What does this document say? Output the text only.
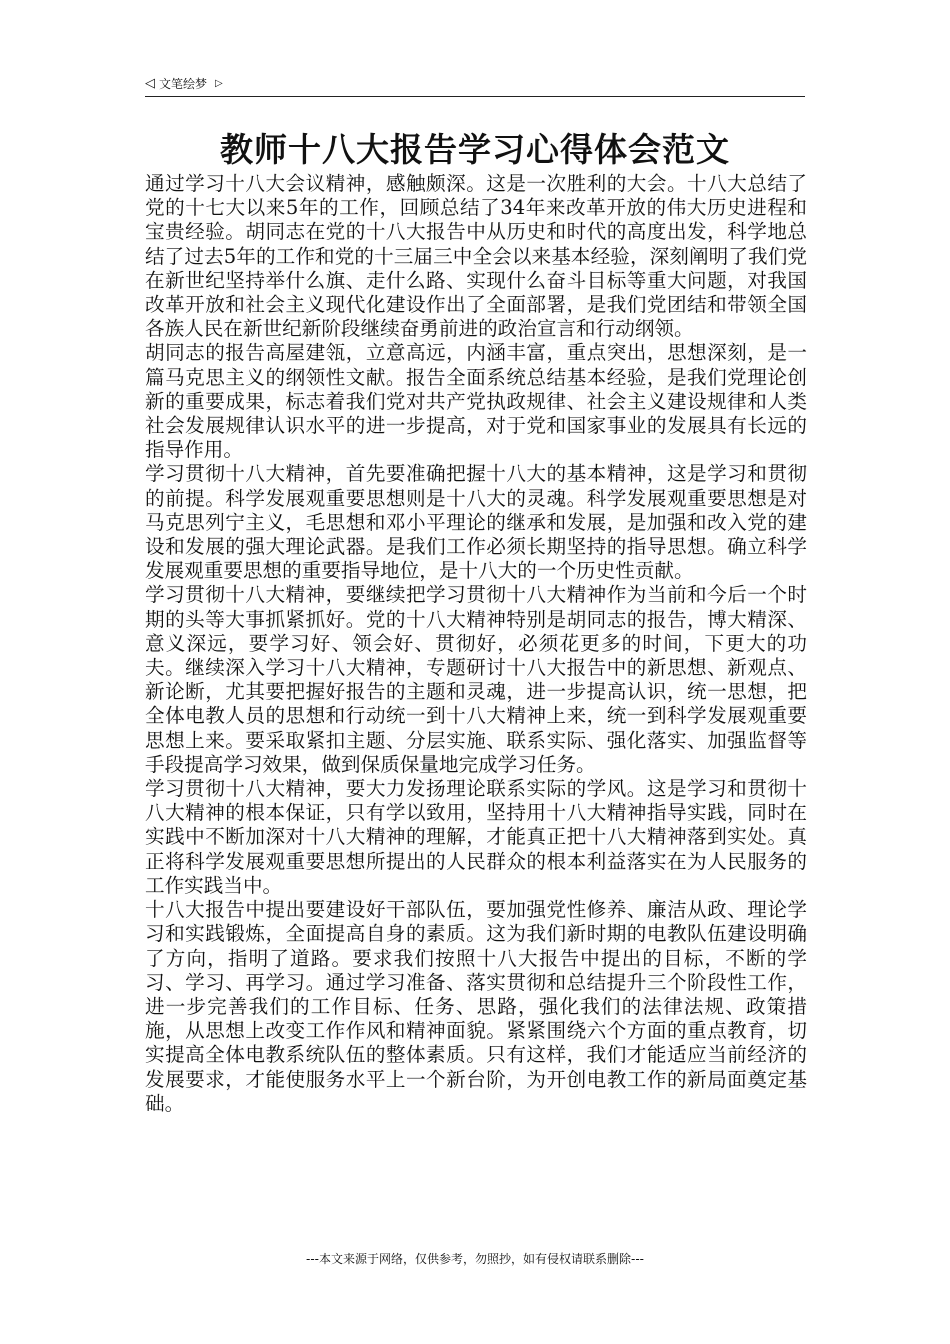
◁ 文笔绘梦 ▷
教师十八大报告学习心得体会范文

通过学习十八大会议精神，感触颇深。这是一次胜利的大会。十八大总结了党的十七大以来5年的工作，回顾总结了34年来改革开放的伟大历史进程和宝贵经验。胡同志在党的十八大报告中从历史和时代的高度出发，科学地总结了过去5年的工作和党的十三届三中全会以来基本经验，深刻阐明了我们党在新世纪坚持举什么旗、走什么路、实现什么奋斗目标等重大问题，对我国改革开放和社会主义现代化建设作出了全面部署，是我们党团结和带领全国各族人民在新世纪新阶段继续奋勇前进的政治宣言和行动纲领。

胡同志的报告高屋建瓴，立意高远，内涵丰富，重点突出，思想深刻，是一篇马克思主义的纲领性文献。报告全面系统总结基本经验，是我们党理论创新的重要成果，标志着我们党对共产党执政规律、社会主义建设规律和人类社会发展规律认识水平的进一步提高，对于党和国家事业的发展具有长远的指导作用。

学习贯彻十八大精神，首先要准确把握十八大的基本精神，这是学习和贯彻的前提。科学发展观重要思想则是十八大的灵魂。科学发展观重要思想是对马克思列宁主义，毛思想和邓小平理论的继承和发展，是加强和改入党的建设和发展的强大理论武器。是我们工作必须长期坚持的指导思想。确立科学发展观重要思想的重要指导地位，是十八大的一个历史性贡献。

学习贯彻十八大精神，要继续把学习贯彻十八大精神作为当前和今后一个时期的头等大事抓紧抓好。党的十八大精神特别是胡同志的报告，博大精深、意义深远，要学习好、领会好、贯彻好，必须花更多的时间，下更大的功夫。继续深入学习十八大精神，专题研讨十八大报告中的新思想、新观点、新论断，尤其要把握好报告的主题和灵魂，进一步提高认识，统一思想，把全体电教人员的思想和行动统一到十八大精神上来，统一到科学发展观重要思想上来。要采取紧扣主题、分层实施、联系实际、强化落实、加强监督等手段提高学习效果，做到保质保量地完成学习任务。

学习贯彻十八大精神，要大力发扬理论联系实际的学风。这是学习和贯彻十八大精神的根本保证，只有学以致用，坚持用十八大精神指导实践，同时在实践中不断加深对十八大精神的理解，才能真正把十八大精神落到实处。真正将科学发展观重要思想所提出的人民群众的根本利益落实在为人民服务的工作实践当中。

十八大报告中提出要建设好干部队伍，要加强党性修养、廉洁从政、理论学习和实践锻炼，全面提高自身的素质。这为我们新时期的电教队伍建设明确了方向，指明了道路。要求我们按照十八大报告中提出的目标，不断的学习、学习、再学习。通过学习准备、落实贯彻和总结提升三个阶段性工作，进一步完善我们的工作目标、任务、思路，强化我们的法律法规、政策措施，从思想上改变工作作风和精神面貌。紧紧围绕六个方面的重点教育，切实提高全体电教系统队伍的整体素质。只有这样，我们才能适应当前经济的发展要求，才能使服务水平上一个新台阶，为开创电教工作的新局面奠定基础。

---本文来源于网络，仅供参考，勿照抄，如有侵权请联系删除---
